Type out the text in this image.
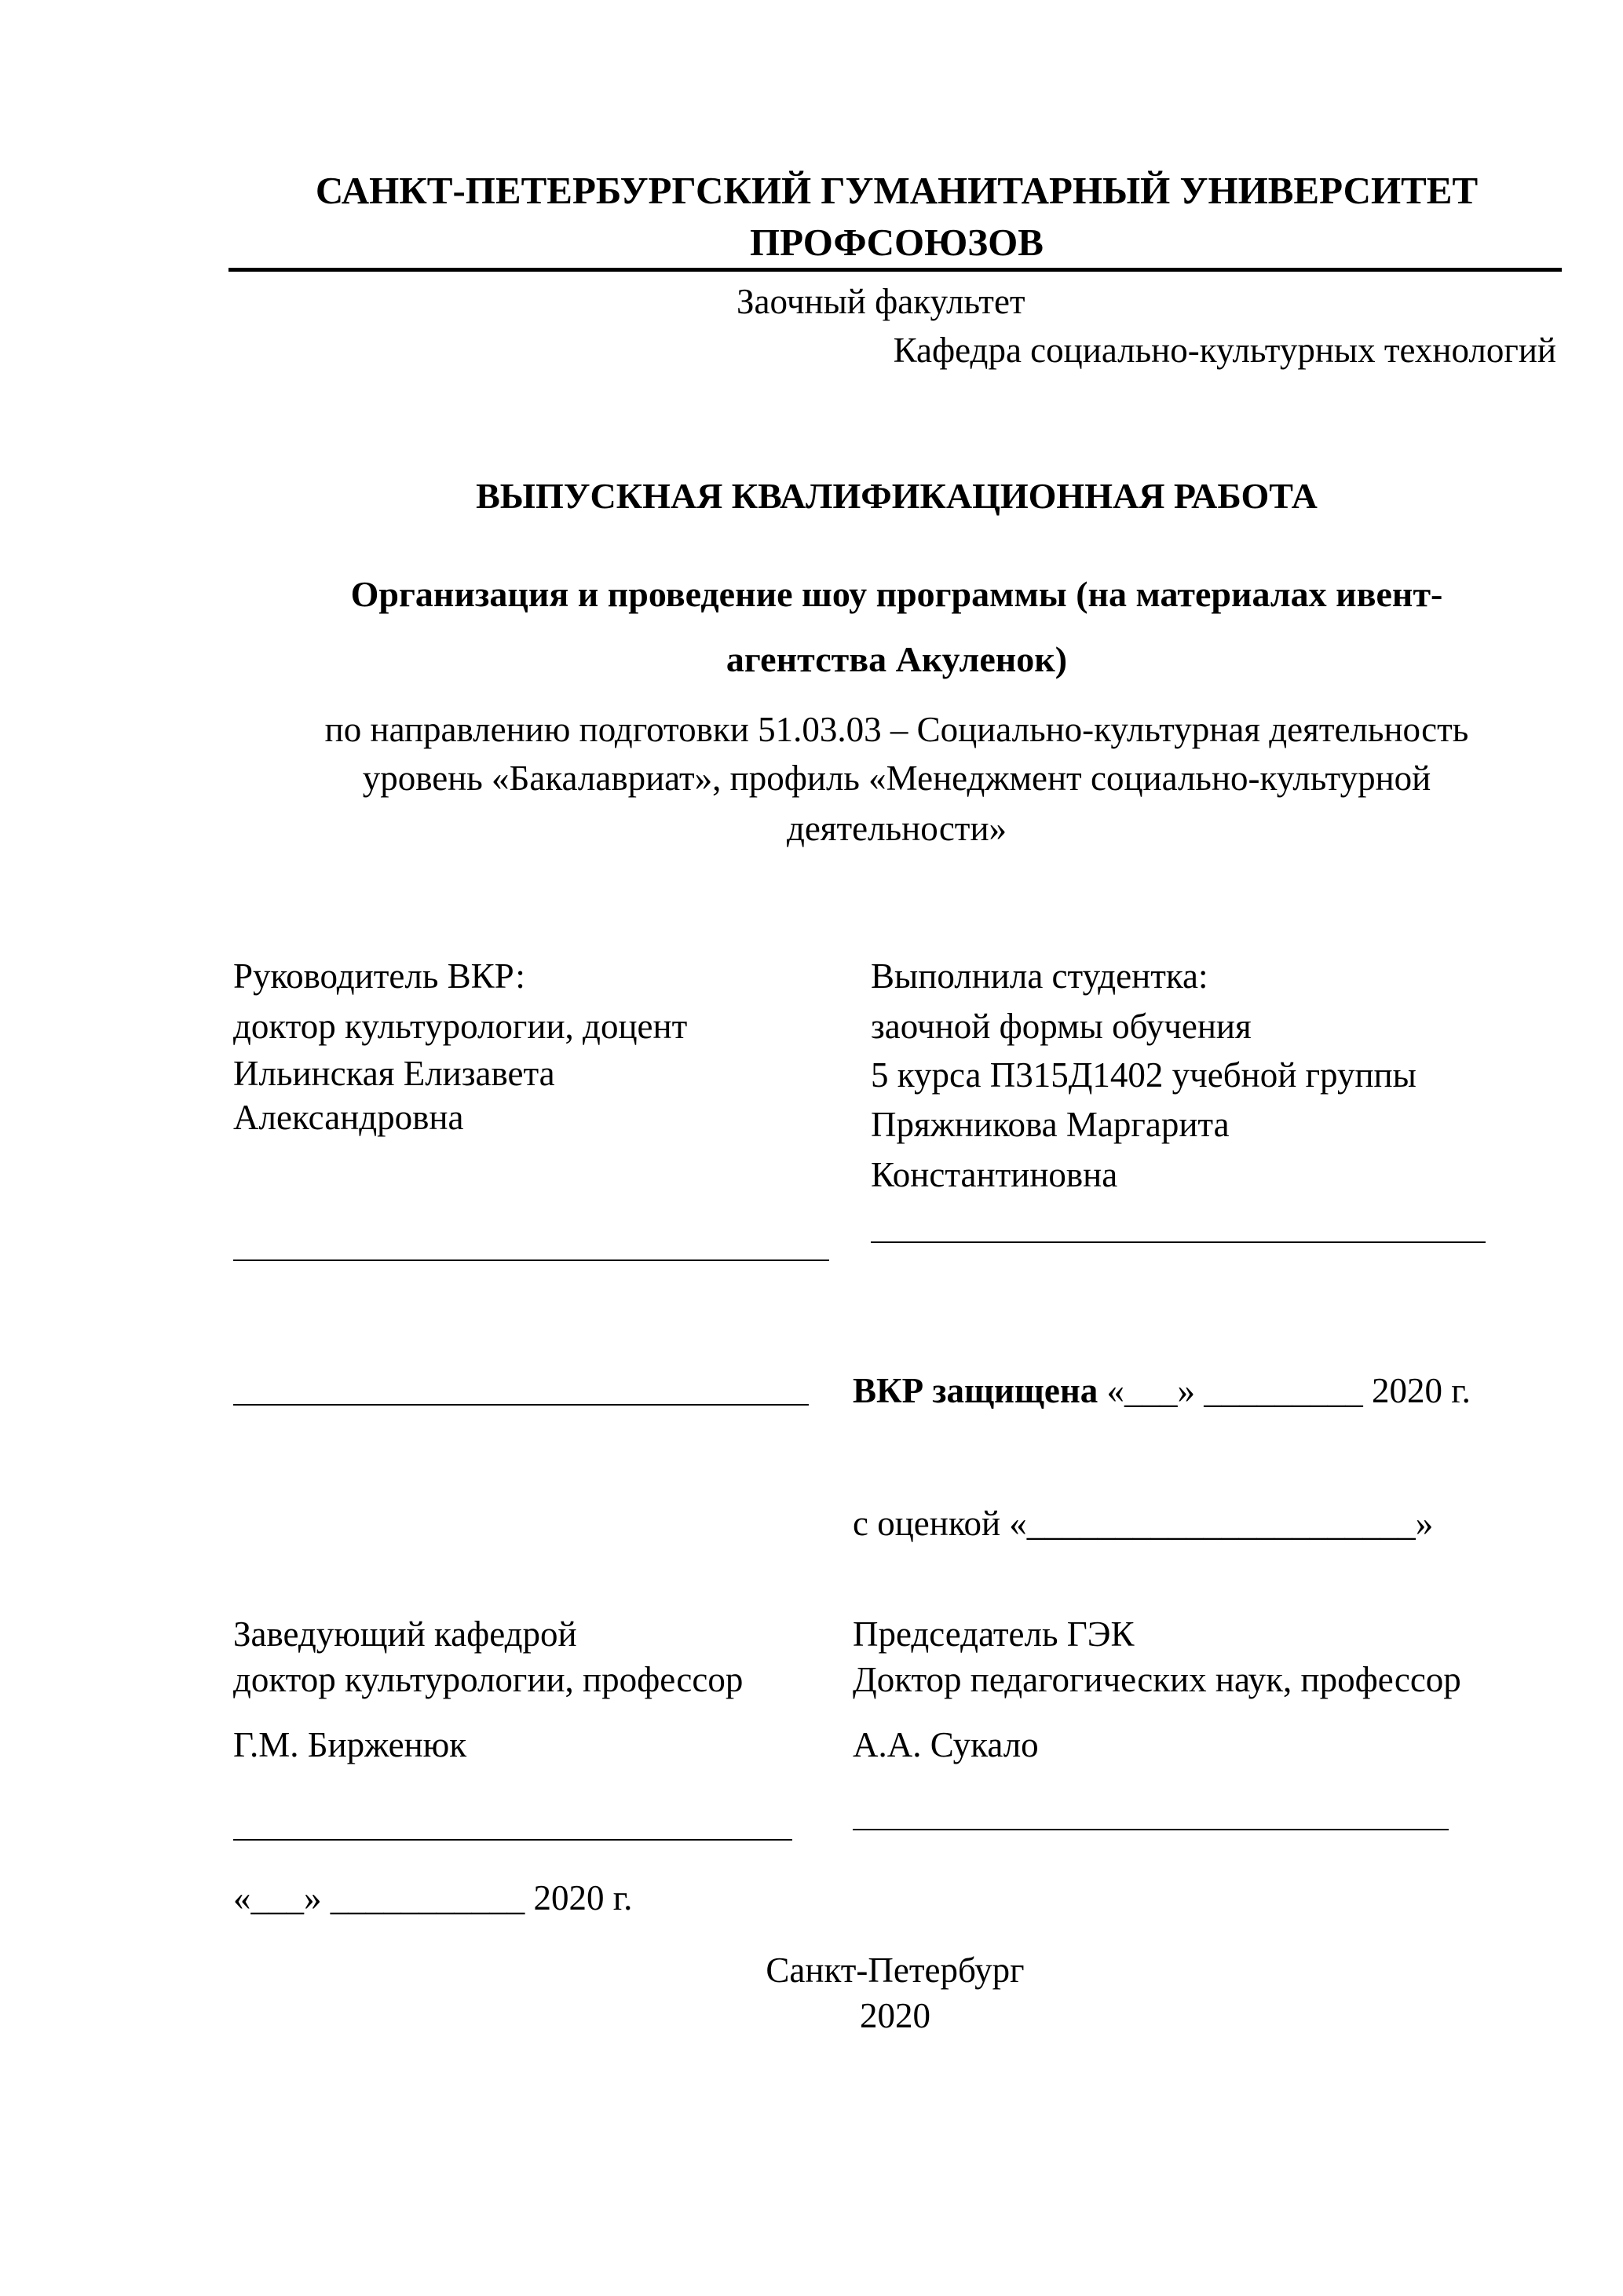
САНКТ-ПЕТЕРБУРГСКИЙ ГУМАНИТАРНЫЙ УНИВЕРСИТЕТ
ПРОФСОЮЗОВ
Заочный факультет
Кафедра социально-культурных технологий
ВЫПУСКНАЯ КВАЛИФИКАЦИОННАЯ РАБОТА
Организация и проведение шоу программы (на материалах ивент-
агентства Акуленок)
по направлению подготовки 51.03.03 – Социально-культурная деятельность
уровень «Бакалавриат», профиль «Менеджмент социально-культурной
деятельности»
Руководитель ВКР:
доктор культурологии, доцент
Ильинская Елизавета
Александровна
Выполнила студентка:
заочной формы обучения
5 курса П315Д1402 учебной группы
Пряжникова Маргарита
Константиновна
ВКР защищена «___» _________ 2020 г.
с оценкой «______________________»
Заведующий кафедрой
доктор культурологии, профессор
Г.М. Бирженюк
«___» ___________ 2020 г.
Председатель ГЭК
Доктор педагогических наук, профессор
А.А. Сукало
Санкт-Петербург
2020
